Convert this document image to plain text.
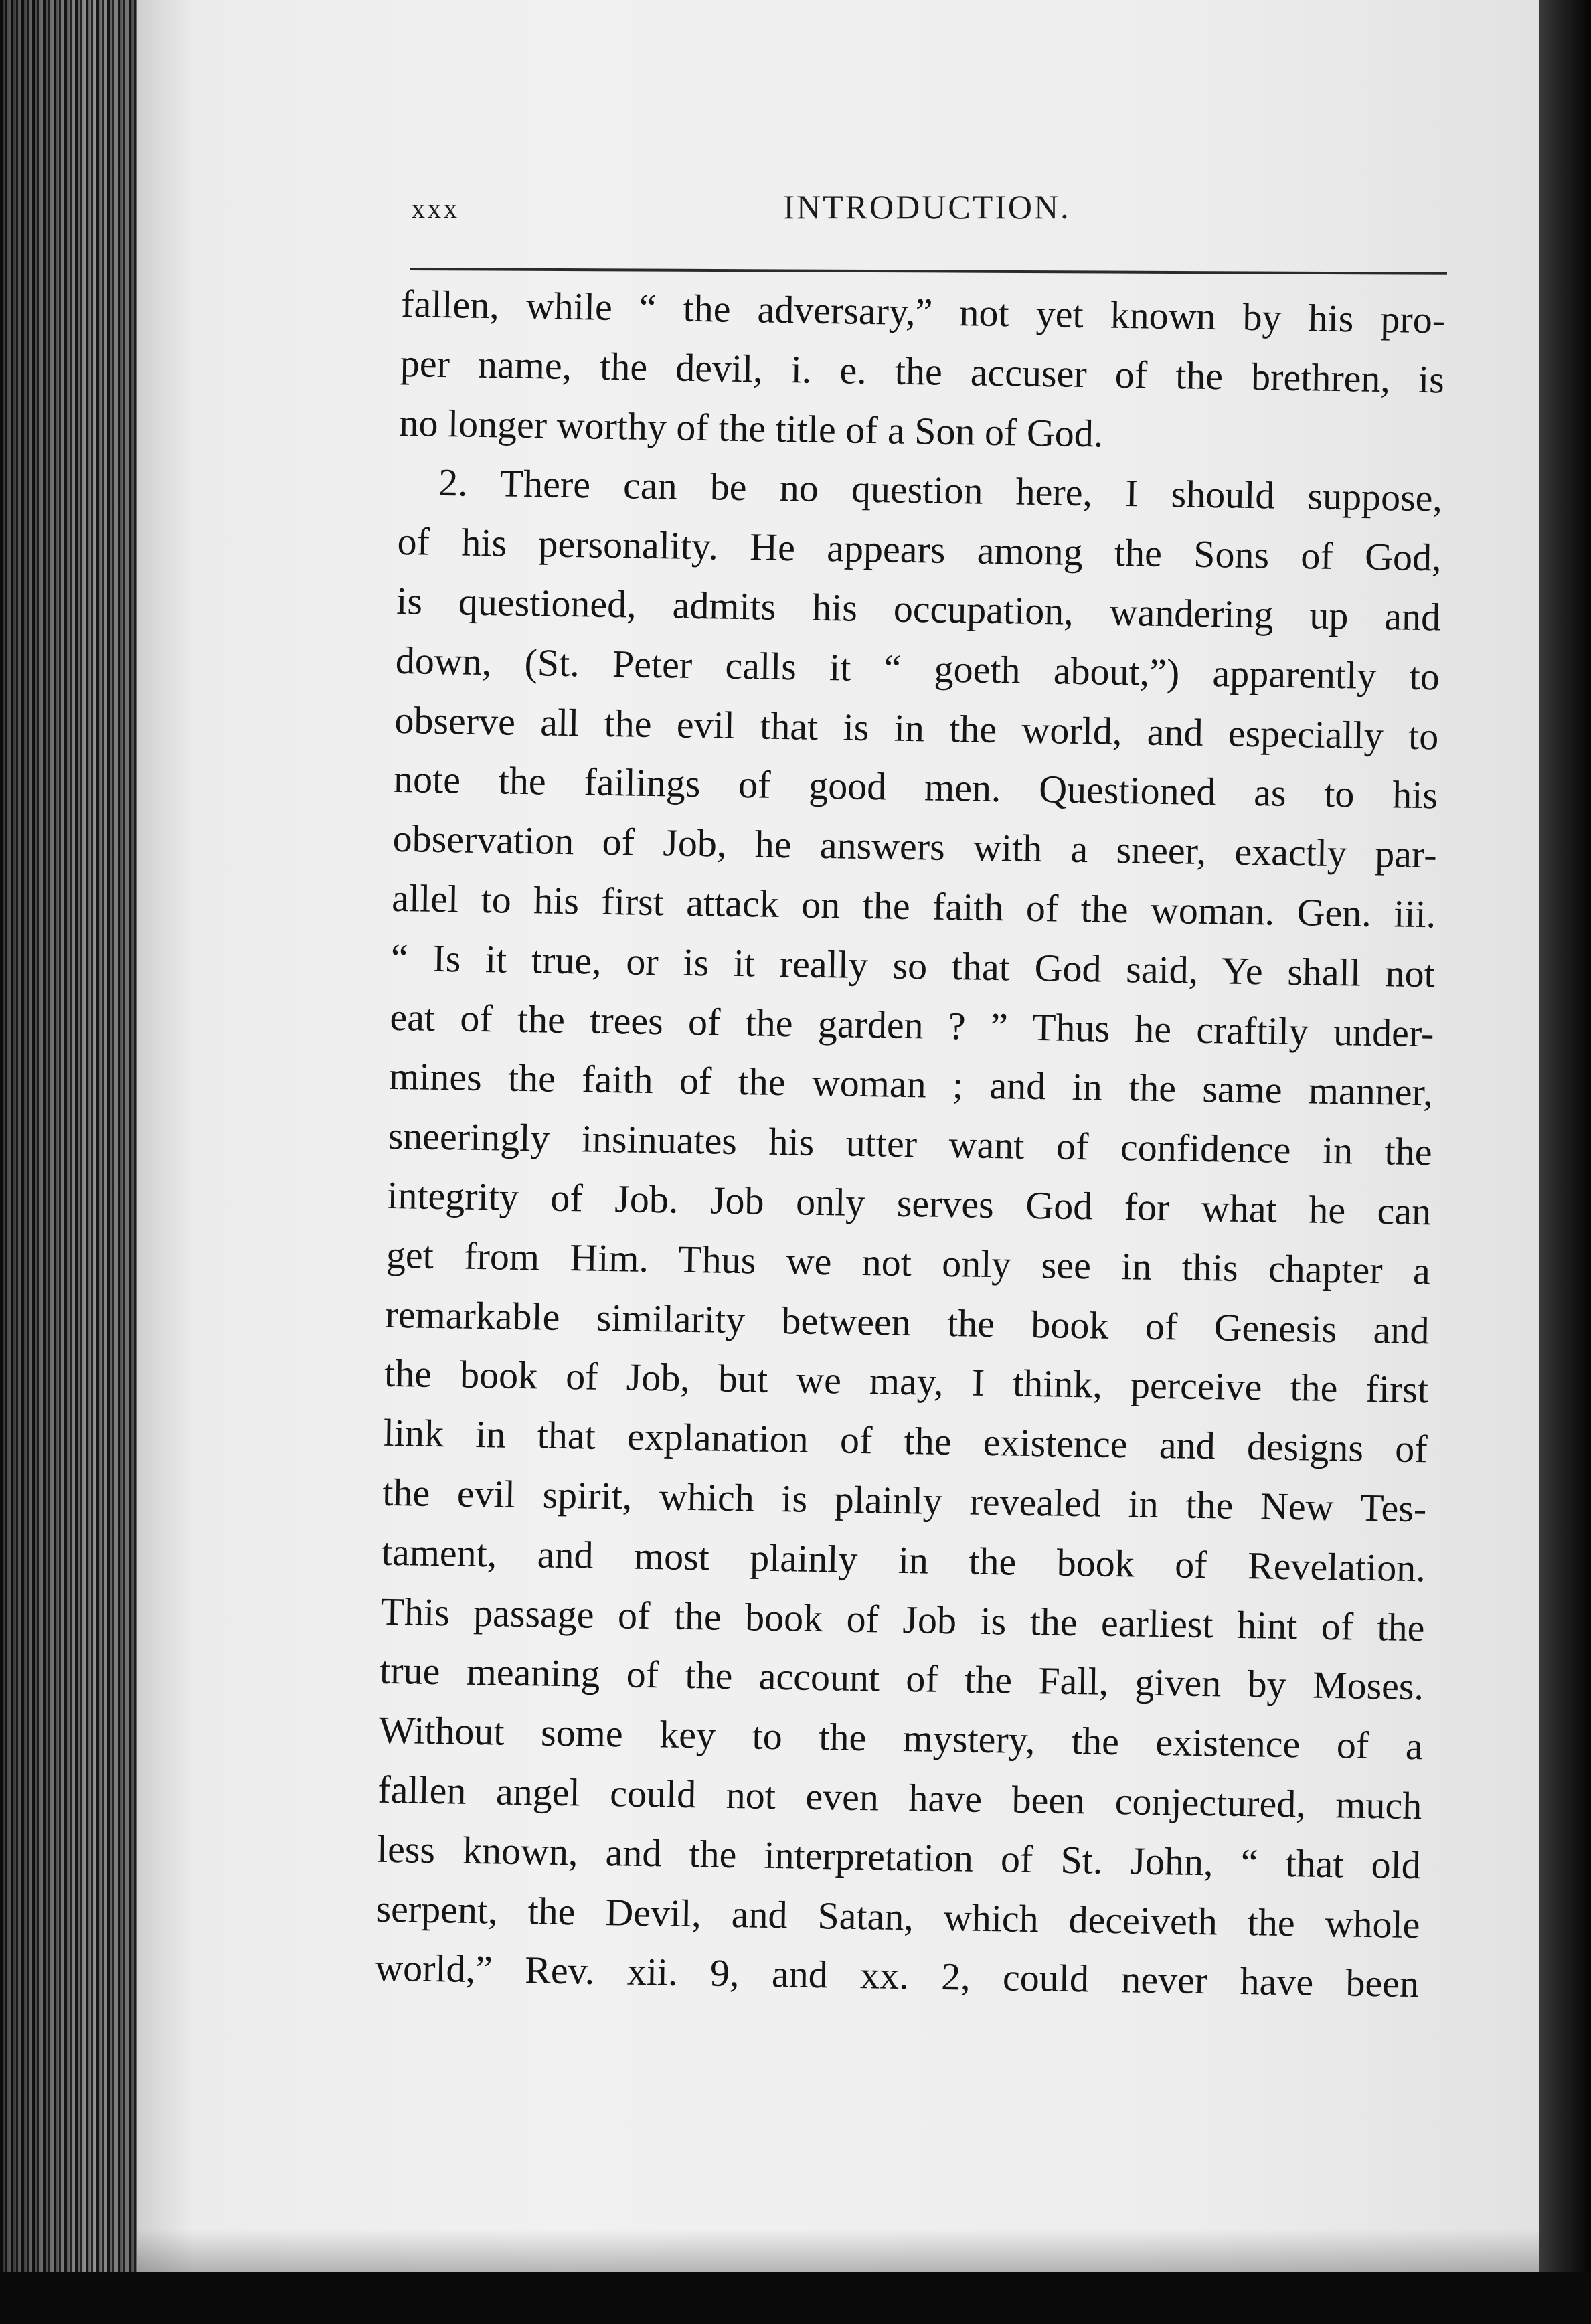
xxx	INTRODUCTION.
fallen, while “ the adversary,” not yet known by his pro-
per name, the devil, i. e. the accuser of the brethren, is
no longer worthy of the title of a Son of God.
2. There can be no question here, I should suppose,
of his personality. He appears among the Sons of God,
is questioned, admits his occupation, wandering up and
down, (St. Peter calls it “ goeth about,”) apparently to
observe all the evil that is in the world, and especially to
note the failings of good men. Questioned as to his
observation of Job, he answers with a sneer, exactly par-
allel to his first attack on the faith of the woman. Gen. iii.
“ Is it true, or is it really so that God said, Ye shall not
eat of the trees of the garden ? ” Thus he craftily under-
mines the faith of the woman ; and in the same manner,
sneeringly insinuates his utter want of confidence in the
integrity of Job. Job only serves God for what he can
get from Him. Thus we not only see in this chapter a
remarkable similarity between the book of Genesis and
the book of Job, but we may, I think, perceive the first
link in that explanation of the existence and designs of
the evil spirit, which is plainly revealed in the New Tes-
tament, and most plainly in the book of Revelation.
This passage of the book of Job is the earliest hint of the
true meaning of the account of the Fall, given by Moses.
Without some key to the mystery, the existence of a
fallen angel could not even have been conjectured, much
less known, and the interpretation of St. John, “ that old
serpent, the Devil, and Satan, which deceiveth the whole
world,” Rev. xii. 9, and xx. 2, could never have been
